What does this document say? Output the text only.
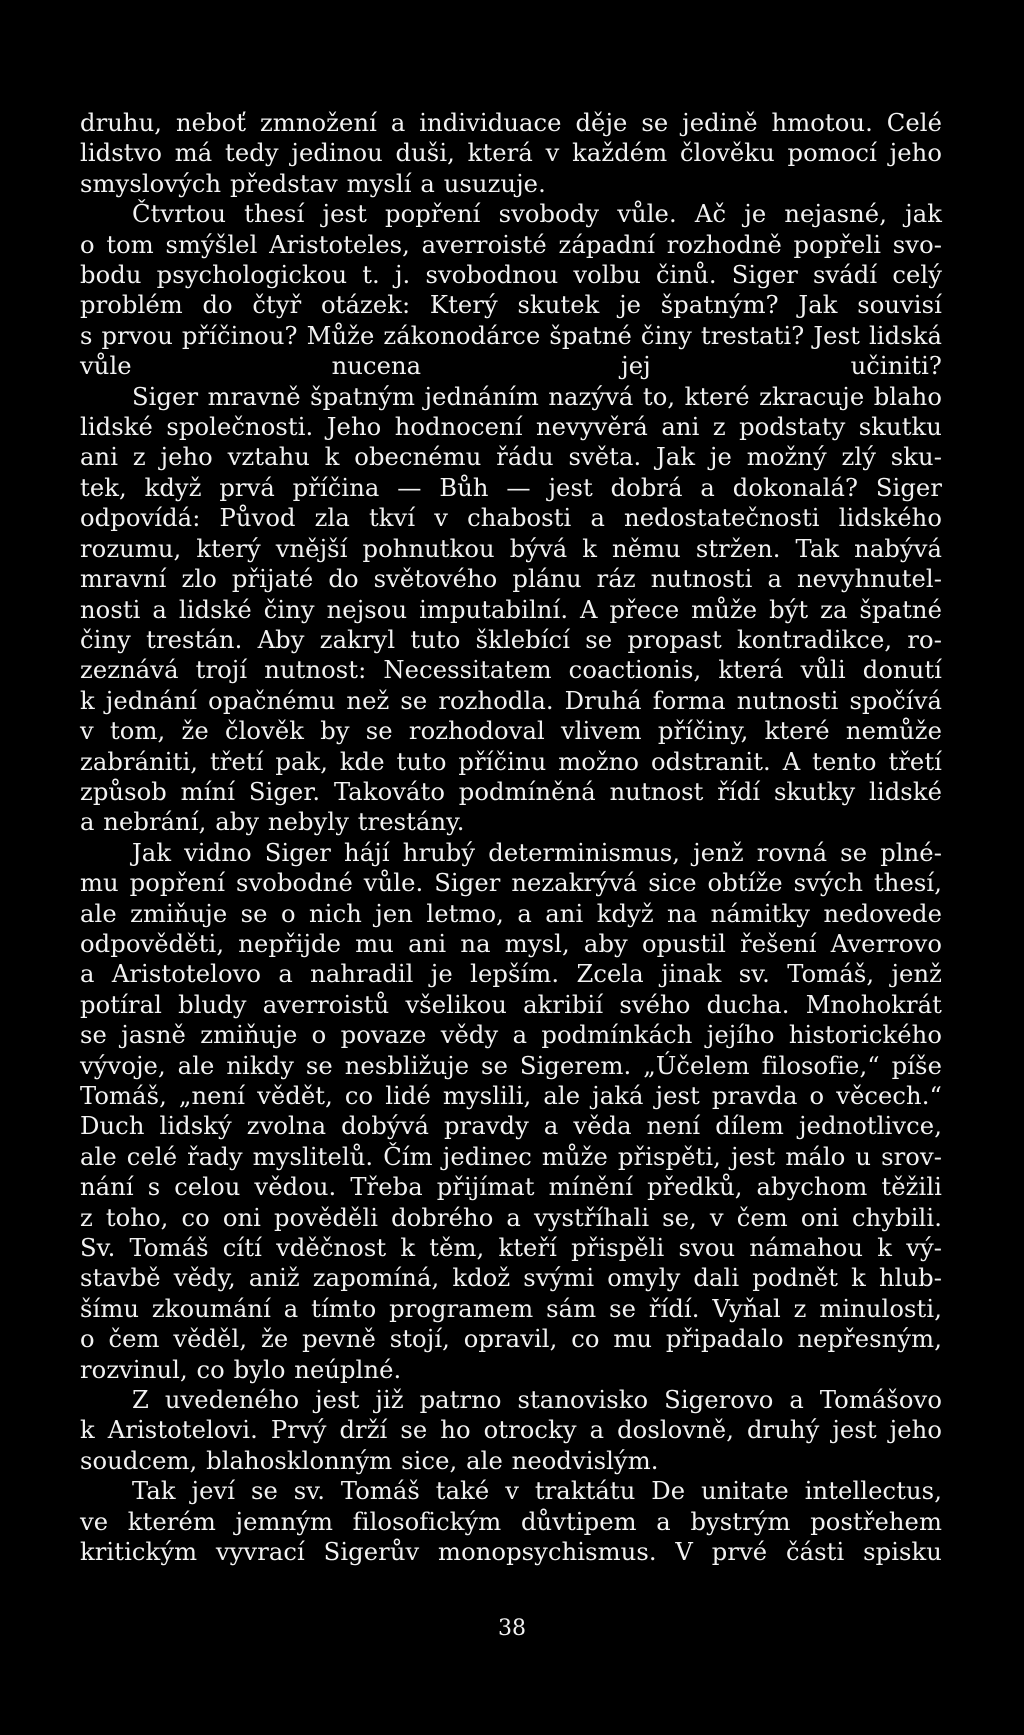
druhu, neboť zmnožení a individuace děje se jedině hmotou. Celé
lidstvo má tedy jedinou duši, která v každém člověku pomocí jeho
smyslových představ myslí a usuzuje.

Čtvrtou thesí jest popření svobody vůle. Ač je nejasné, jak
o tom smýšlel Aristoteles, averroisté západní rozhodně popřeli svo-
bodu psychologickou t. j. svobodnou volbu činů. Siger svádí celý
problém do čtyř otázek: Který skutek je špatným? Jak souvisí
s prvou příčinou? Může zákonodárce špatné činy trestati? Jest lidská
vůle nucena jej učiniti?

Siger mravně špatným jednáním nazývá to, které zkracuje blaho
lidské společnosti. Jeho hodnocení nevyvěrá ani z podstaty skutku
ani z jeho vztahu k obecnému řádu světa. Jak je možný zlý sku-
tek, když prvá příčina — Bůh — jest dobrá a dokonalá? Siger
odpovídá: Původ zla tkví v chabosti a nedostatečnosti lidského
rozumu, který vnější pohnutkou bývá k němu stržen. Tak nabývá
mravní zlo přijaté do světového plánu ráz nutnosti a nevyhnutel-
nosti a lidské činy nejsou imputabilní. A přece může být za špatné
činy trestán. Aby zakryl tuto šklebící se propast kontradikce, ro-
zeznává trojí nutnost: Necessitatem coactionis, která vůli donutí
k jednání opačnému než se rozhodla. Druhá forma nutnosti spočívá
v tom, že člověk by se rozhodoval vlivem příčiny, které nemůže
zabrániti, třetí pak, kde tuto příčinu možno odstranit. A tento třetí
způsob míní Siger. Takováto podmíněná nutnost řídí skutky lidské
a nebrání, aby nebyly trestány.

Jak vidno Siger hájí hrubý determinismus, jenž rovná se plné-
mu popření svobodné vůle. Siger nezakrývá sice obtíže svých thesí,
ale zmiňuje se o nich jen letmo, a ani když na námitky nedovede
odpověděti, nepřijde mu ani na mysl, aby opustil řešení Averrovo
a Aristotelovo a nahradil je lepším. Zcela jinak sv. Tomáš, jenž
potíral bludy averroistů všelikou akribií svého ducha. Mnohokrát
se jasně zmiňuje o povaze vědy a podmínkách jejího historického
vývoje, ale nikdy se nesbližuje se Sigerem. „Účelem filosofie,“ píše
Tomáš, „není vědět, co lidé myslili, ale jaká jest pravda o věcech.“
Duch lidský zvolna dobývá pravdy a věda není dílem jednotlivce,
ale celé řady myslitelů. Čím jedinec může přispěti, jest málo u srov-
nání s celou vědou. Třeba přijímat mínění předků, abychom těžili
z toho, co oni pověděli dobrého a vystříhali se, v čem oni chybili.
Sv. Tomáš cítí vděčnost k těm, kteří přispěli svou námahou k vý-
stavbě vědy, aniž zapomíná, kdož svými omyly dali podnět k hlub-
šímu zkoumání a tímto programem sám se řídí. Vyňal z minulosti,
o čem věděl, že pevně stojí, opravil, co mu připadalo nepřesným,
rozvinul, co bylo neúplné.

Z uvedeného jest již patrno stanovisko Sigerovo a Tomášovo
k Aristotelovi. Prvý drží se ho otrocky a doslovně, druhý jest jeho
soudcem, blahosklonným sice, ale neodvislým.

Tak jeví se sv. Tomáš také v traktátu De unitate intellectus,
ve kterém jemným filosofickým důvtipem a bystrým postřehem
kritickým vyvrací Sigerův monopsychismus. V prvé části spisku

38
